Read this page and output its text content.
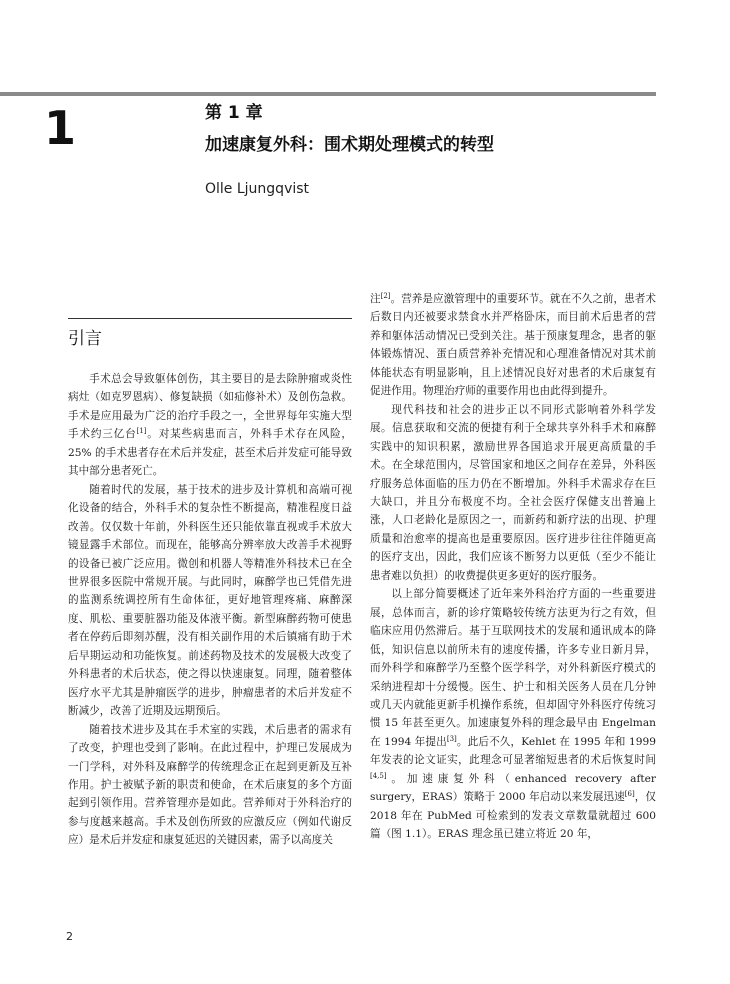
1	第 1 章
加速康复外科：围术期处理模式的转型
Olle Ljungqvist
引言

手术总会导致躯体创伤，其主要目的是去除肿瘤或炎性病灶（如克罗恩病）、修复缺损（如疝修补术）及创伤急救。手术是应用最为广泛的治疗手段之一，全世界每年实施大型手术约三亿台[1]。对某些病患而言，外科手术存在风险，25% 的手术患者存在术后并发症，甚至术后并发症可能导致其中部分患者死亡。

随着时代的发展，基于技术的进步及计算机和高端可视化设备的结合，外科手术的复杂性不断提高，精准程度日益改善。仅仅数十年前，外科医生还只能依靠直视或手术放大镜显露手术部位。而现在，能够高分辨率放大改善手术视野的设备已被广泛应用。微创和机器人等精准外科技术已在全世界很多医院中常规开展。与此同时，麻醉学也已凭借先进的监测系统调控所有生命体征，更好地管理疼痛、麻醉深度、肌松、重要脏器功能及体液平衡。新型麻醉药物可使患者在停药后即刻苏醒，没有相关副作用的术后镇痛有助于术后早期运动和功能恢复。前述药物及技术的发展极大改变了外科患者的术后状态，使之得以快速康复。同理，随着整体医疗水平尤其是肿瘤医学的进步，肿瘤患者的术后并发症不断减少，改善了近期及远期预后。

随着技术进步及其在手术室的实践，术后患者的需求有了改变，护理也受到了影响。在此过程中，护理已发展成为一门学科，对外科及麻醉学的传统理念正在起到更新及互补作用。护士被赋予新的职责和使命，在术后康复的多个方面起到引领作用。营养管理亦是如此。营养师对于外科治疗的参与度越来越高。手术及创伤所致的应激反应（例如代谢反应）是术后并发症和康复延迟的关键因素，需予以高度关

注[2]。营养是应激管理中的重要环节。就在不久之前，患者术后数日内还被要求禁食水并严格卧床，而目前术后患者的营养和躯体活动情况已受到关注。基于预康复理念，患者的躯体锻炼情况、蛋白质营养补充情况和心理准备情况对其术前体能状态有明显影响，且上述情况良好对患者的术后康复有促进作用。物理治疗师的重要作用也由此得到提升。

现代科技和社会的进步正以不同形式影响着外科学发展。信息获取和交流的便捷有利于全球共享外科手术和麻醉实践中的知识积累，激励世界各国追求开展更高质量的手术。在全球范围内，尽管国家和地区之间存在差异，外科医疗服务总体面临的压力仍在不断增加。外科手术需求存在巨大缺口，并且分布极度不均。全社会医疗保健支出普遍上涨，人口老龄化是原因之一，而新药和新疗法的出现、护理质量和治愈率的提高也是重要原因。医疗进步往往伴随更高的医疗支出，因此，我们应该不断努力以更低（至少不能让患者难以负担）的收费提供更多更好的医疗服务。

以上部分简要概述了近年来外科治疗方面的一些重要进展，总体而言，新的诊疗策略较传统方法更为行之有效，但临床应用仍然滞后。基于互联网技术的发展和通讯成本的降低，知识信息以前所未有的速度传播，许多专业日新月异，而外科学和麻醉学乃至整个医学科学，对外科新医疗模式的采纳进程却十分缓慢。医生、护士和相关医务人员在几分钟或几天内就能更新手机操作系统，但却固守外科医疗传统习惯 15 年甚至更久。加速康复外科的理念最早由 Engelman 在 1994 年提出[3]。此后不久，Kehlet 在 1995 年和 1999 年发表的论文证实，此理念可显著缩短患者的术后恢复时间[4,5]。加速康复外科（enhanced recovery after surgery，ERAS）策略于 2000 年启动以来发展迅速[6]，仅 2018 年在 PubMed 可检索到的发表文章数量就超过 600 篇（图 1.1）。ERAS 理念虽已建立将近 20 年，

2
